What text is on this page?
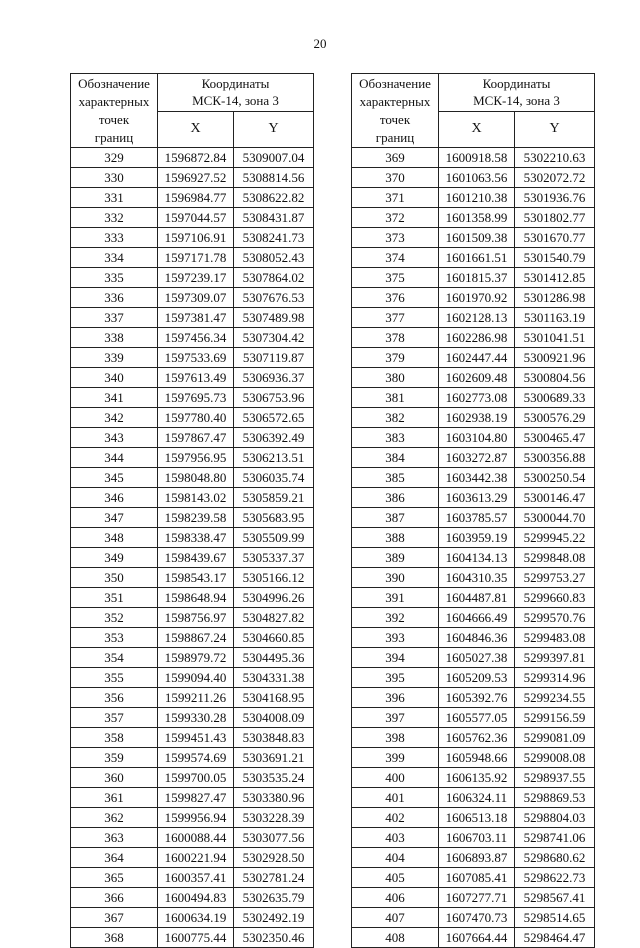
20
Обозначение
характерных
точек
границ	Координаты
МСК-14, зона 3	
	X	Y
329	1596872.84	5309007.04
330	1596927.52	5308814.56
331	1596984.77	5308622.82
332	1597044.57	5308431.87
333	1597106.91	5308241.73
334	1597171.78	5308052.43
335	1597239.17	5307864.02
336	1597309.07	5307676.53
337	1597381.47	5307489.98
338	1597456.34	5307304.42
339	1597533.69	5307119.87
340	1597613.49	5306936.37
341	1597695.73	5306753.96
342	1597780.40	5306572.65
343	1597867.47	5306392.49
344	1597956.95	5306213.51
345	1598048.80	5306035.74
346	1598143.02	5305859.21
347	1598239.58	5305683.95
348	1598338.47	5305509.99
349	1598439.67	5305337.37
350	1598543.17	5305166.12
351	1598648.94	5304996.26
352	1598756.97	5304827.82
353	1598867.24	5304660.85
354	1598979.72	5304495.36
355	1599094.40	5304331.38
356	1599211.26	5304168.95
357	1599330.28	5304008.09
358	1599451.43	5303848.83
359	1599574.69	5303691.21
360	1599700.05	5303535.24
361	1599827.47	5303380.96
362	1599956.94	5303228.39
363	1600088.44	5303077.56
364	1600221.94	5302928.50
365	1600357.41	5302781.24
366	1600494.83	5302635.79
367	1600634.19	5302492.19
368	1600775.44	5302350.46
Обозначение
характерных
точек
границ	Координаты
МСК-14, зона 3	
	X	Y
369	1600918.58	5302210.63
370	1601063.56	5302072.72
371	1601210.38	5301936.76
372	1601358.99	5301802.77
373	1601509.38	5301670.77
374	1601661.51	5301540.79
375	1601815.37	5301412.85
376	1601970.92	5301286.98
377	1602128.13	5301163.19
378	1602286.98	5301041.51
379	1602447.44	5300921.96
380	1602609.48	5300804.56
381	1602773.08	5300689.33
382	1602938.19	5300576.29
383	1603104.80	5300465.47
384	1603272.87	5300356.88
385	1603442.38	5300250.54
386	1603613.29	5300146.47
387	1603785.57	5300044.70
388	1603959.19	5299945.22
389	1604134.13	5299848.08
390	1604310.35	5299753.27
391	1604487.81	5299660.83
392	1604666.49	5299570.76
393	1604846.36	5299483.08
394	1605027.38	5299397.81
395	1605209.53	5299314.96
396	1605392.76	5299234.55
397	1605577.05	5299156.59
398	1605762.36	5299081.09
399	1605948.66	5299008.08
400	1606135.92	5298937.55
401	1606324.11	5298869.53
402	1606513.18	5298804.03
403	1606703.11	5298741.06
404	1606893.87	5298680.62
405	1607085.41	5298622.73
406	1607277.71	5298567.41
407	1607470.73	5298514.65
408	1607664.44	5298464.47
